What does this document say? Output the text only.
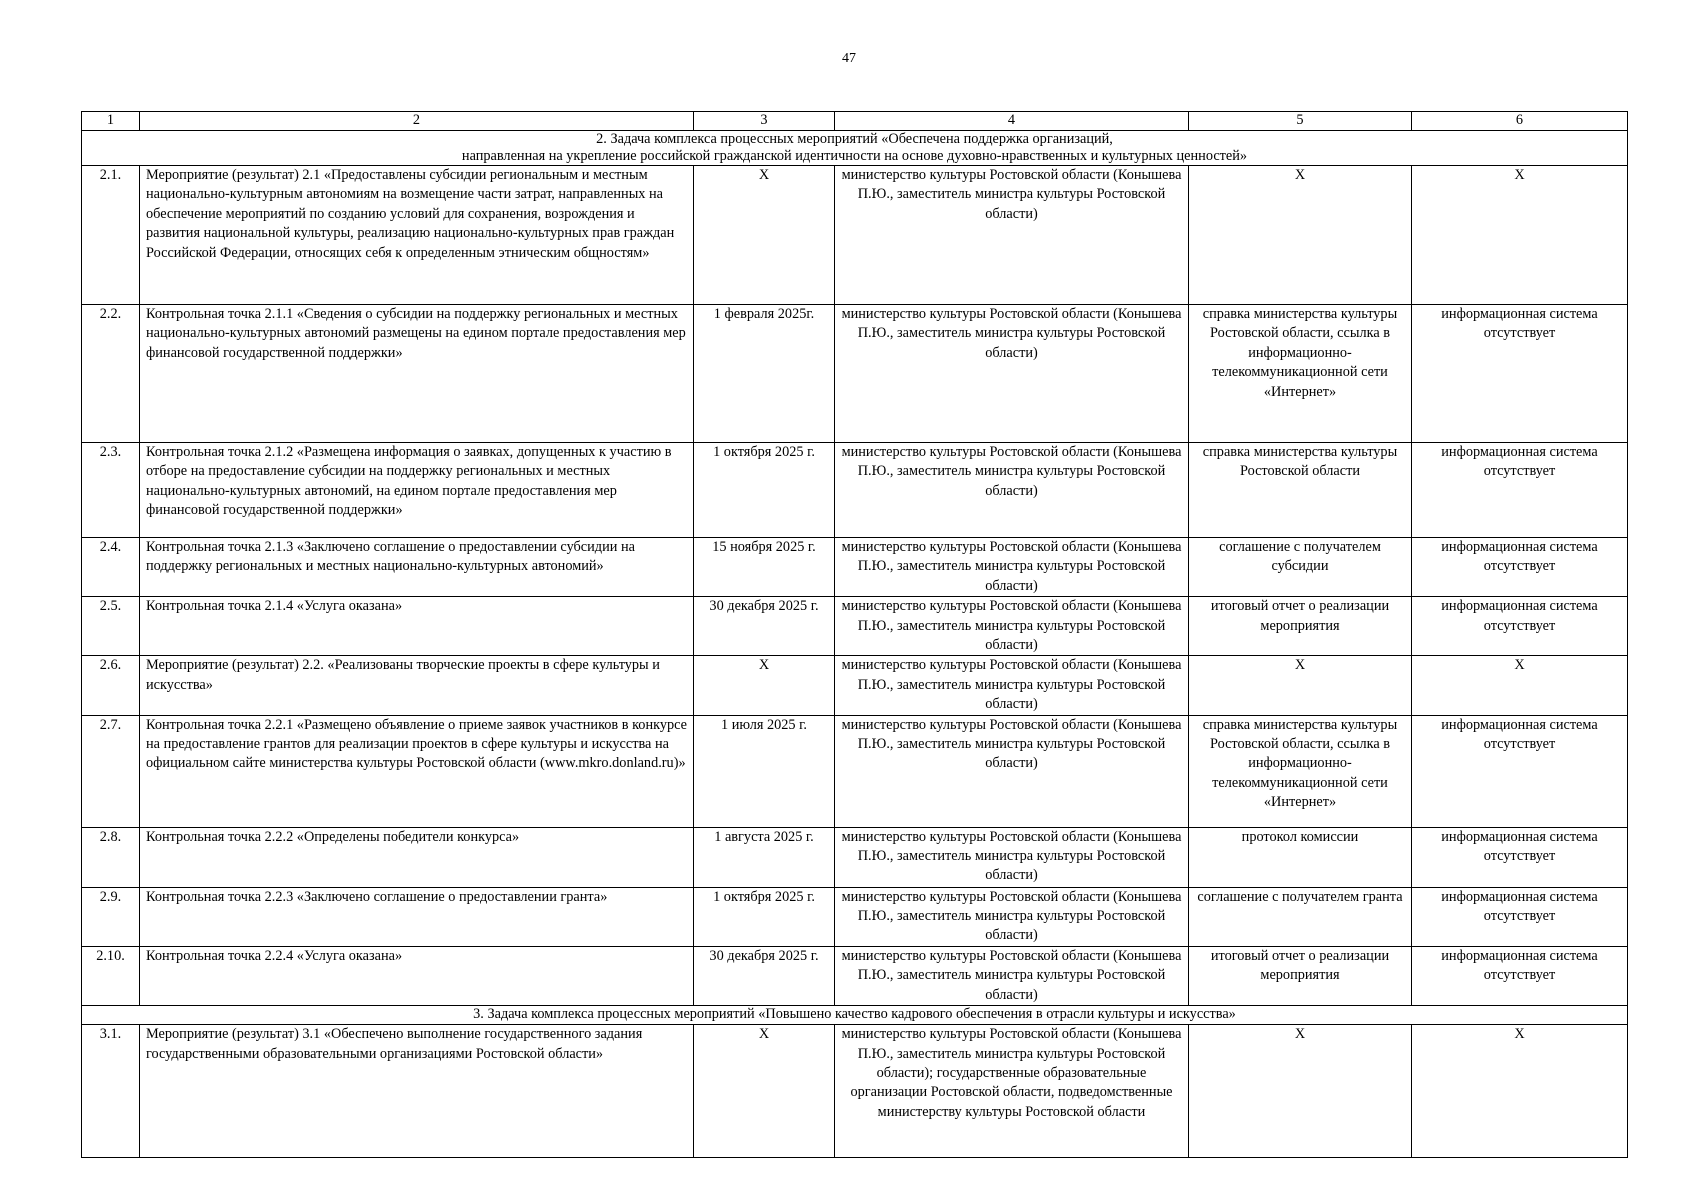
47
1	2	3	4	5	6

2. Задача комплекса процессных мероприятий «Обеспечена поддержка организаций,
направленная на укрепление российской гражданской идентичности на основе духовно-нравственных и культурных ценностей»					

2.1.	Мероприятие (результат) 2.1 «Предоставлены субсидии региональным и местным национально-культурным автономиям на возмещение части затрат, направленных на обеспечение мероприятий по созданию условий для сохранения, возрождения и развития национальной культуры, реализацию национально-культурных прав граждан Российской Федерации, относящих себя к определенным этническим общностям»	Х	министерство культуры Ростовской области (Конышева П.Ю., заместитель министра культуры Ростовской области)	Х	Х
2.2.	Контрольная точка 2.1.1 «Сведения о субсидии на поддержку региональных и местных национально-культурных автономий размещены на едином портале предоставления мер финансовой государственной поддержки»	1 февраля 2025г.	министерство культуры Ростовской области (Конышева П.Ю., заместитель министра культуры Ростовской области)	справка министерства культуры Ростовской области, ссылка в информационно-телекоммуникационной сети «Интернет»	информационная система отсутствует
2.3.	Контрольная точка 2.1.2 «Размещена информация о заявках, допущенных к участию в отборе на предоставление субсидии на поддержку региональных и местных национально-культурных автономий, на едином портале предоставления мер финансовой государственной поддержки»	1 октября 2025 г.	министерство культуры Ростовской области (Конышева П.Ю., заместитель министра культуры Ростовской области)	справка министерства культуры Ростовской области	информационная система отсутствует
2.4.	Контрольная точка 2.1.3 «Заключено соглашение о предоставлении субсидии на поддержку региональных и местных национально-культурных автономий»	15 ноября 2025 г.	министерство культуры Ростовской области (Конышева П.Ю., заместитель министра культуры Ростовской области)	соглашение с получателем субсидии	информационная система отсутствует
2.5.	Контрольная точка 2.1.4 «Услуга оказана»	30 декабря 2025 г.	министерство культуры Ростовской области (Конышева П.Ю., заместитель министра культуры Ростовской области)	итоговый отчет о реализации мероприятия	информационная система отсутствует
2.6.	Мероприятие (результат) 2.2. «Реализованы творческие проекты в сфере культуры и искусства»	Х	министерство культуры Ростовской области (Конышева П.Ю., заместитель министра культуры Ростовской области)	Х	Х
2.7.	Контрольная точка 2.2.1 «Размещено объявление о приеме заявок участников в конкурсе на предоставление грантов для реализации проектов в сфере культуры и искусства на официальном сайте министерства культуры Ростовской области (www.mkro.donland.ru)»	1 июля 2025 г.	министерство культуры Ростовской области (Конышева П.Ю., заместитель министра культуры Ростовской области)	справка министерства культуры Ростовской области, ссылка в информационно-телекоммуникационной сети «Интернет»	информационная система отсутствует
2.8.	Контрольная точка 2.2.2 «Определены победители конкурса»	1 августа 2025 г.	министерство культуры Ростовской области (Конышева П.Ю., заместитель министра культуры Ростовской области)	протокол комиссии	информационная система отсутствует
2.9.	Контрольная точка 2.2.3 «Заключено соглашение о предоставлении гранта»	1 октября 2025 г.	министерство культуры Ростовской области (Конышева П.Ю., заместитель министра культуры Ростовской области)	соглашение с получателем гранта	информационная система отсутствует
2.10.	Контрольная точка 2.2.4 «Услуга оказана»	30 декабря 2025 г.	министерство культуры Ростовской области (Конышева П.Ю., заместитель министра культуры Ростовской области)	итоговый отчет о реализации мероприятия	информационная система отсутствует

3. Задача комплекса процессных мероприятий «Повышено качество кадрового обеспечения в отрасли культуры и искусства»					

3.1.	Мероприятие (результат) 3.1 «Обеспечено выполнение государственного задания государственными образовательными организациями Ростовской области»	Х	министерство культуры Ростовской области (Конышева П.Ю., заместитель министра культуры Ростовской области); государственные образовательные организации Ростовской области, подведомственные министерству культуры Ростовской области	Х	Х
